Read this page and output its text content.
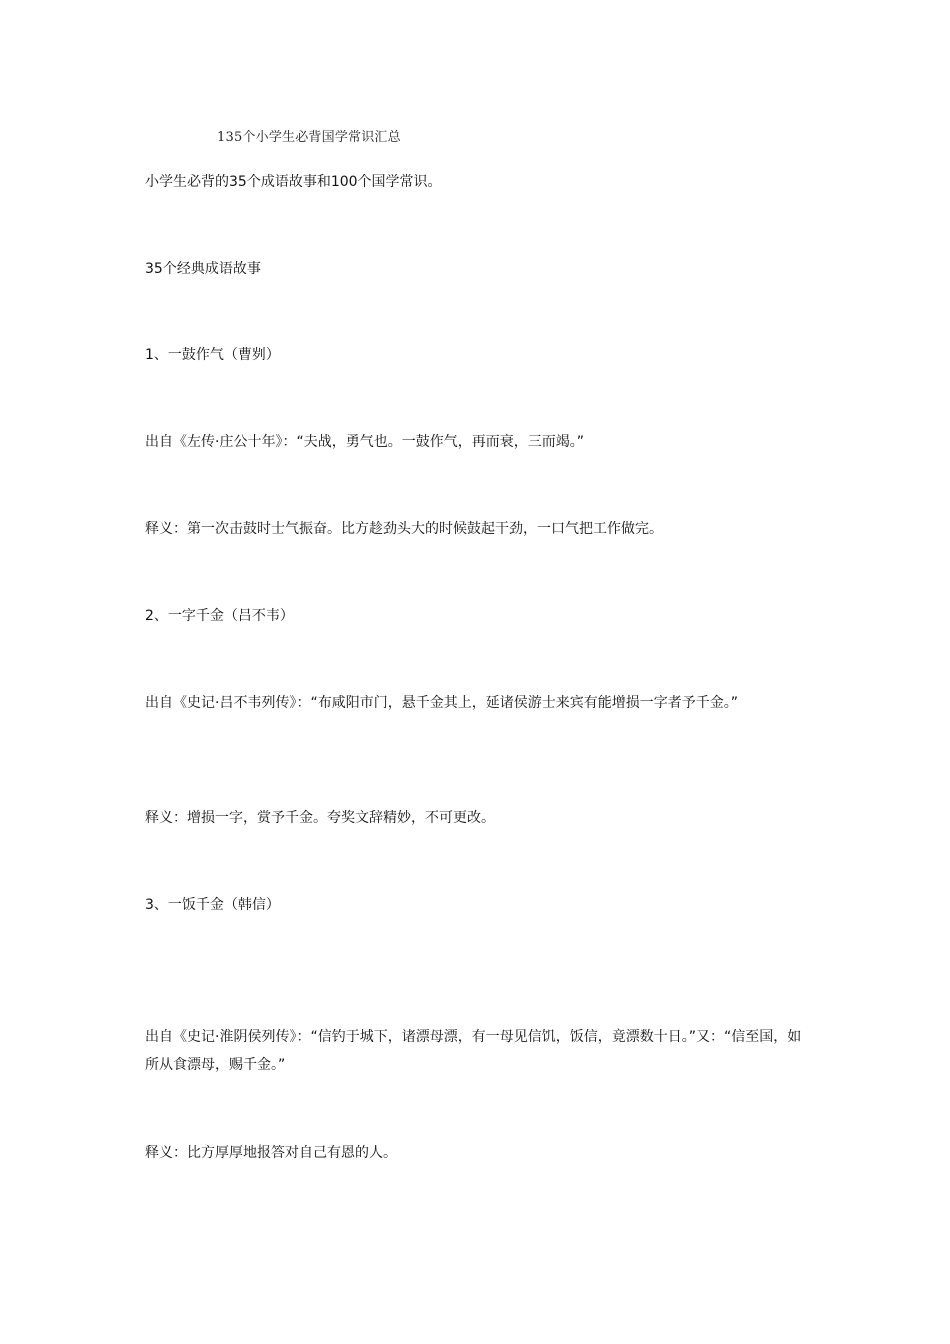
135个小学生必背国学常识汇总
小学生必背的35个成语故事和100个国学常识。
35个经典成语故事
1、一鼓作气（曹刿）
出自《左传·庄公十年》：“夫战，勇气也。一鼓作气，再而衰，三而竭。”
释义：第一次击鼓时士气振奋。比方趁劲头大的时候鼓起干劲，一口气把工作做完。
2、一字千金（吕不韦）
出自《史记·吕不韦列传》：“布咸阳市门，悬千金其上，延诸侯游士来宾有能增损一字者予千金。”
释义：增损一字，赏予千金。夸奖文辞精妙，不可更改。
3、一饭千金（韩信）
出自《史记·淮阴侯列传》：“信钓于城下，诸漂母漂，有一母见信饥，饭信，竟漂数十日。”又：“信至国，如所从食漂母，赐千金。”
释义：比方厚厚地报答对自己有恩的人。
